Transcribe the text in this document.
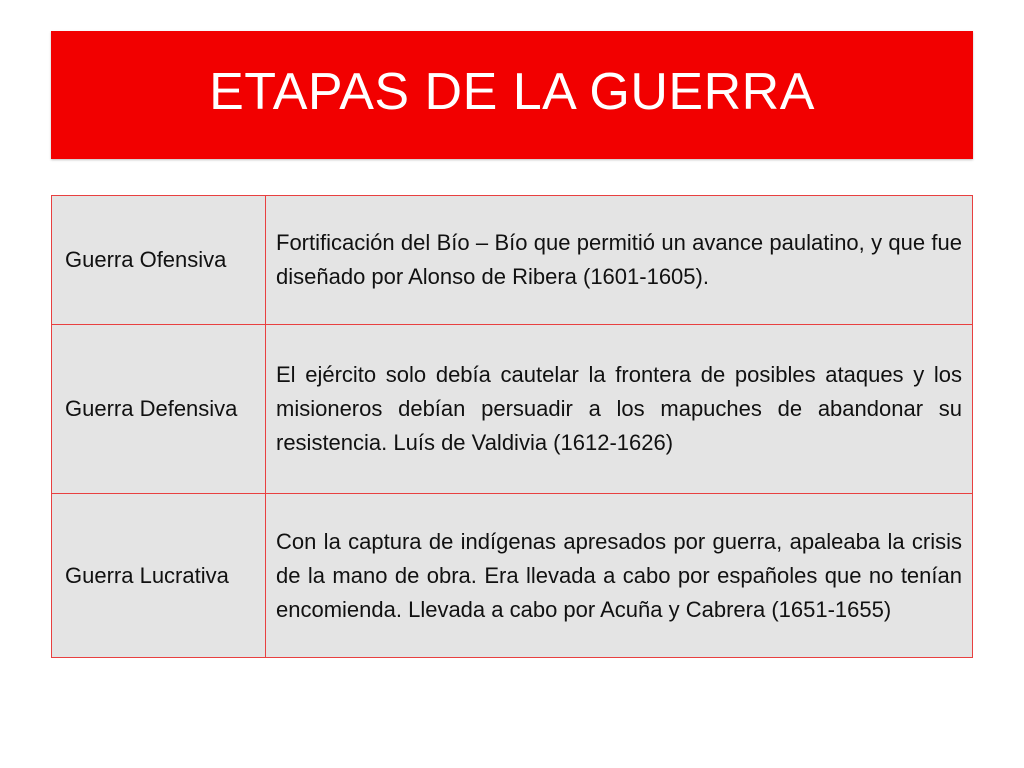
ETAPAS DE LA GUERRA
Guerra Ofensiva	Fortificación del Bío – Bío que permitió un avance paulatino, y que fue diseñado por Alonso de Ribera (1601-1605).
Guerra Defensiva	El ejército solo debía cautelar la frontera de posibles ataques y los misioneros debían persuadir a los mapuches de abandonar su resistencia. Luís de Valdivia (1612-1626)
Guerra Lucrativa	Con la captura de indígenas apresados por guerra, apaleaba la crisis de la mano de obra. Era llevada a cabo por españoles que no tenían encomienda. Llevada a cabo por Acuña y Cabrera (1651-1655)
